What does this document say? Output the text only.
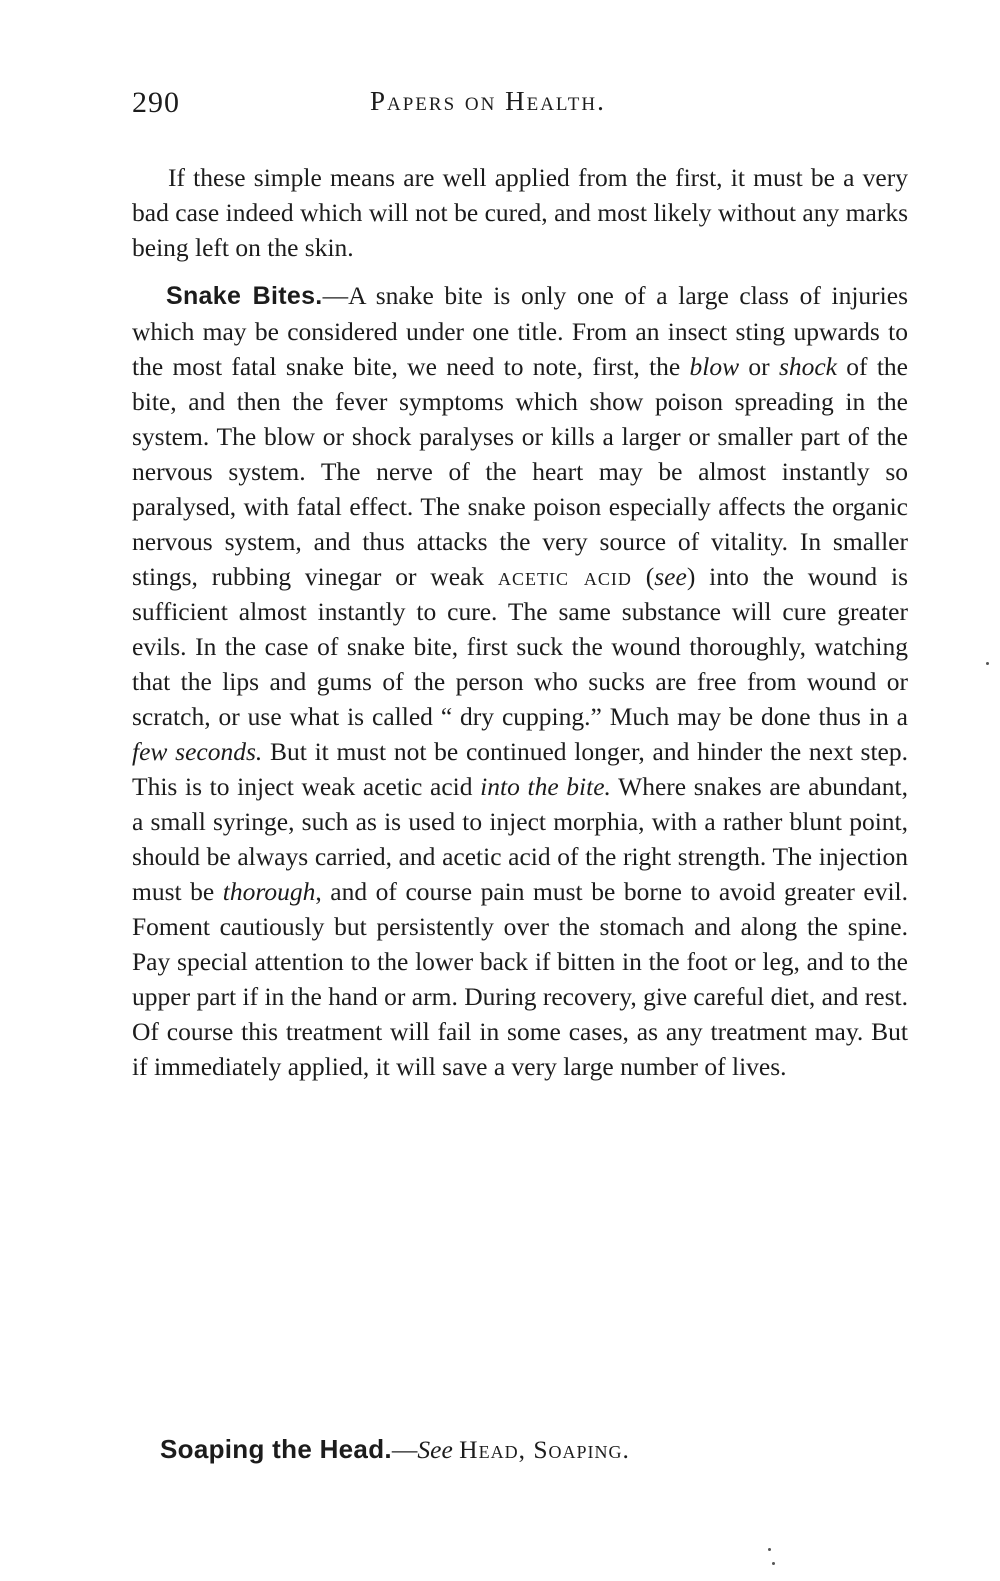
290	Papers on Health.

If these simple means are well applied from the first, it must be a very bad case indeed which will not be cured, and most likely without any marks being left on the skin.

Snake Bites.—A snake bite is only one of a large class of injuries which may be considered under one title. From an insect sting upwards to the most fatal snake bite, we need to note, first, the blow or shock of the bite, and then the fever symptoms which show poison spreading in the system. The blow or shock paralyses or kills a larger or smaller part of the nervous system. The nerve of the heart may be almost instantly so paralysed, with fatal effect. The snake poison especially affects the organic nervous system, and thus attacks the very source of vitality. In smaller stings, rubbing vinegar or weak acetic acid (see) into the wound is sufficient almost instantly to cure. The same substance will cure greater evils. In the case of snake bite, first suck the wound thoroughly, watching that the lips and gums of the person who sucks are free from wound or scratch, or use what is called “ dry cupping.” Much may be done thus in a few seconds. But it must not be continued longer, and hinder the next step. This is to inject weak acetic acid into the bite. Where snakes are abundant, a small syringe, such as is used to inject morphia, with a rather blunt point, should be always carried, and acetic acid of the right strength. The injection must be thorough, and of course pain must be borne to avoid greater evil. Foment cautiously but persistently over the stomach and along the spine. Pay special attention to the lower back if bitten in the foot or leg, and to the upper part if in the hand or arm. During recovery, give careful diet, and rest. Of course this treatment will fail in some cases, as any treatment may. But if immediately applied, it will save a very large number of lives.

Soaping the Head.—See Head, Soaping.
